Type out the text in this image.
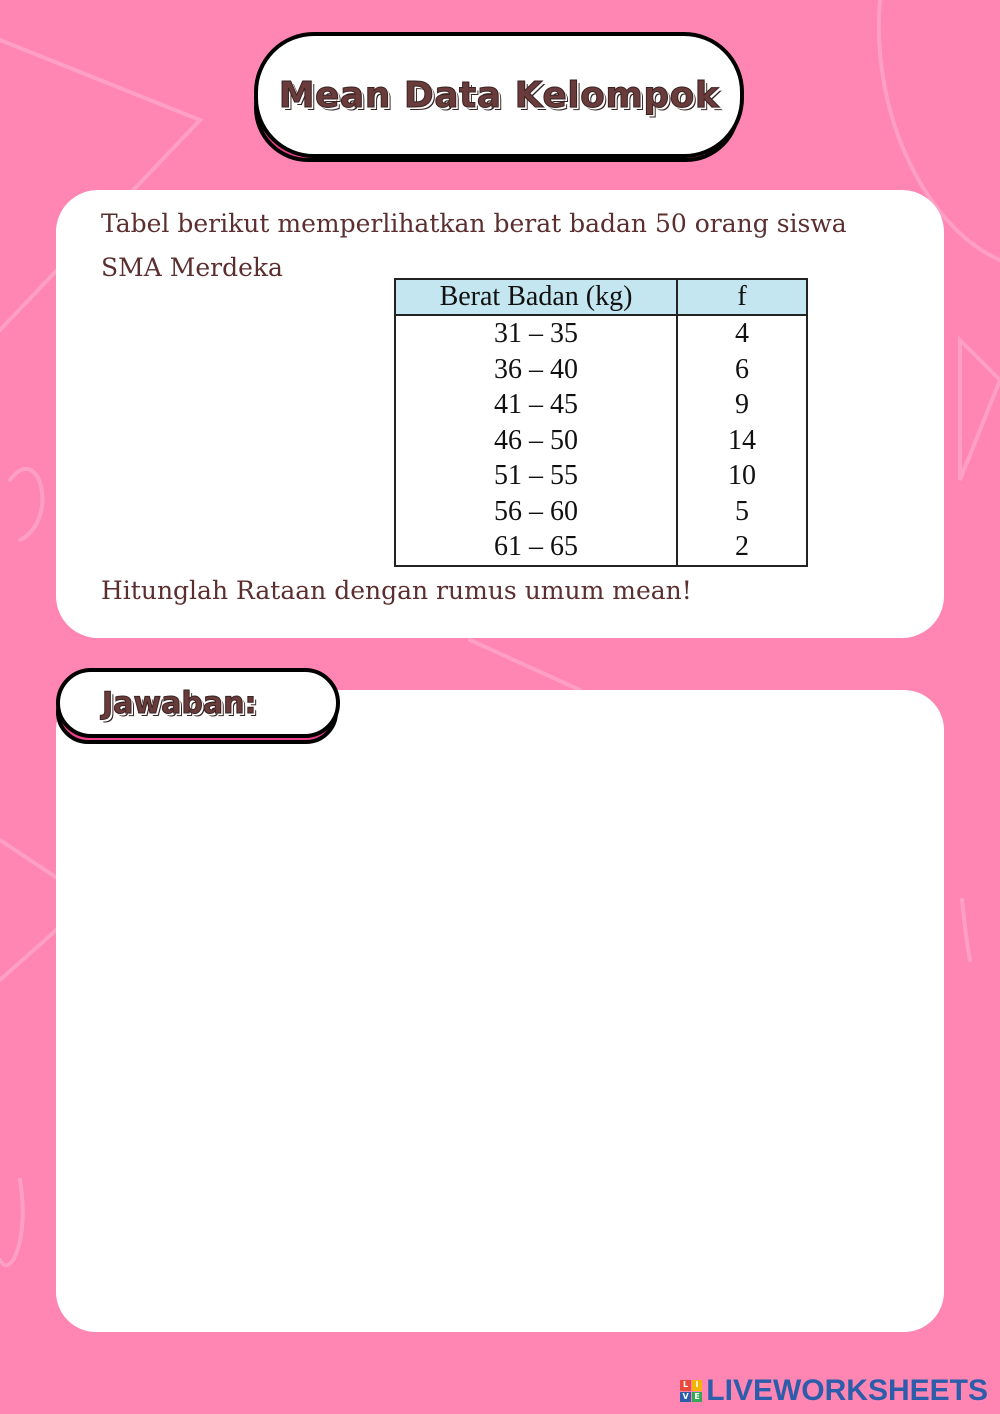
Mean Data Kelompok

Tabel berikut memperlihatkan berat badan 50 orang siswa SMA Merdeka

Berat Badan (kg)	f
31 – 35	4
36 – 40	6
41 – 45	9
46 – 50	14
51 – 55	10
56 – 60	5
61 – 65	2

Hitunglah Rataan dengan rumus umum mean!

Jawaban:
L I
V E LIVEWORKSHEETS
